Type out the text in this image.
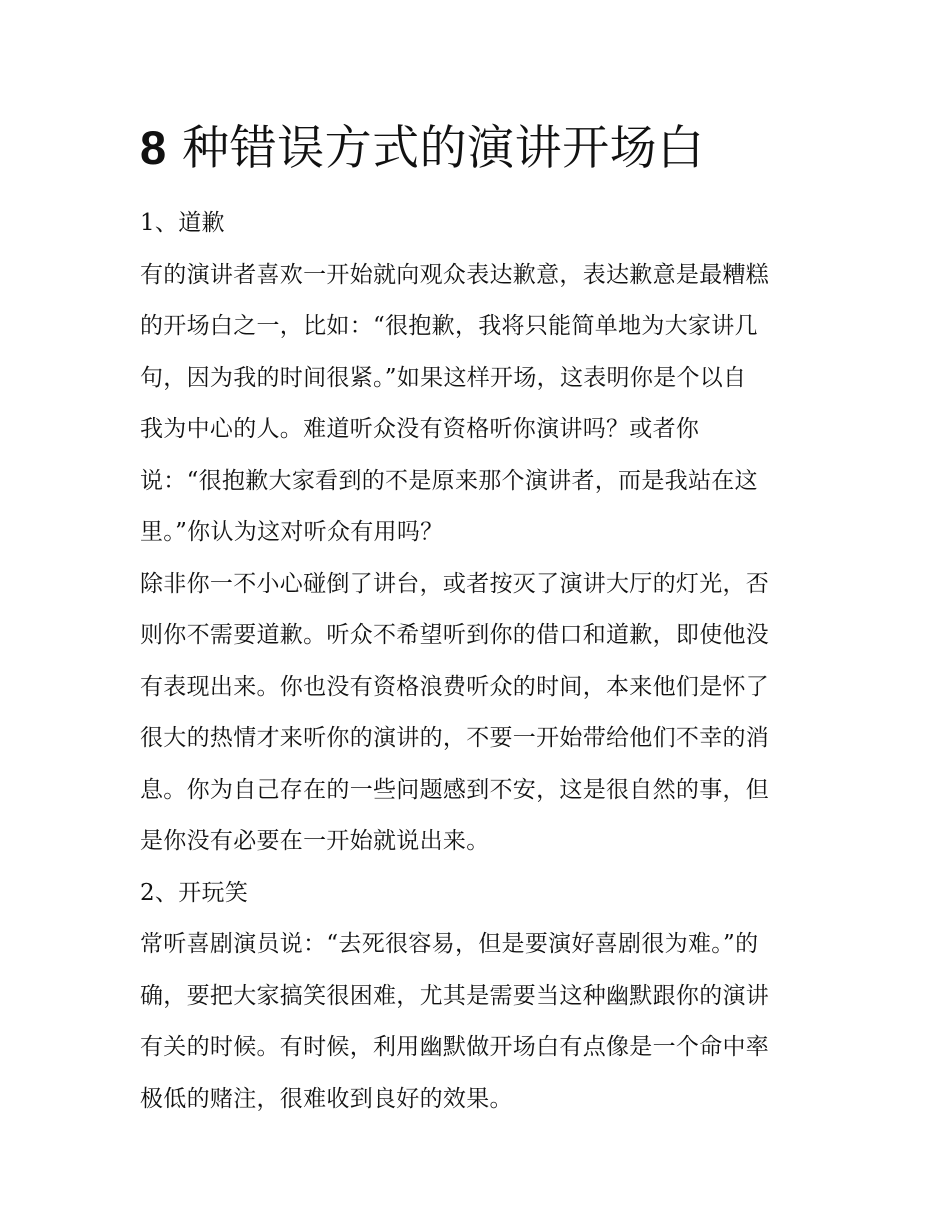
8 种错误方式的演讲开场白
1、道歉

有的演讲者喜欢一开始就向观众表达歉意，表达歉意是最糟糕
的开场白之一，比如：“很抱歉，我将只能简单地为大家讲几
句，因为我的时间很紧。”如果这样开场，这表明你是个以自
我为中心的人。难道听众没有资格听你演讲吗？或者你
说：“很抱歉大家看到的不是原来那个演讲者，而是我站在这
里。”你认为这对听众有用吗？

除非你一不小心碰倒了讲台，或者按灭了演讲大厅的灯光，否
则你不需要道歉。听众不希望听到你的借口和道歉，即使他没
有表现出来。你也没有资格浪费听众的时间，本来他们是怀了
很大的热情才来听你的演讲的，不要一开始带给他们不幸的消
息。你为自己存在的一些问题感到不安，这是很自然的事，但
是你没有必要在一开始就说出来。

2、开玩笑

常听喜剧演员说：“去死很容易，但是要演好喜剧很为难。”的
确，要把大家搞笑很困难，尤其是需要当这种幽默跟你的演讲
有关的时候。有时候，利用幽默做开场白有点像是一个命中率
极低的赌注，很难收到良好的效果。
